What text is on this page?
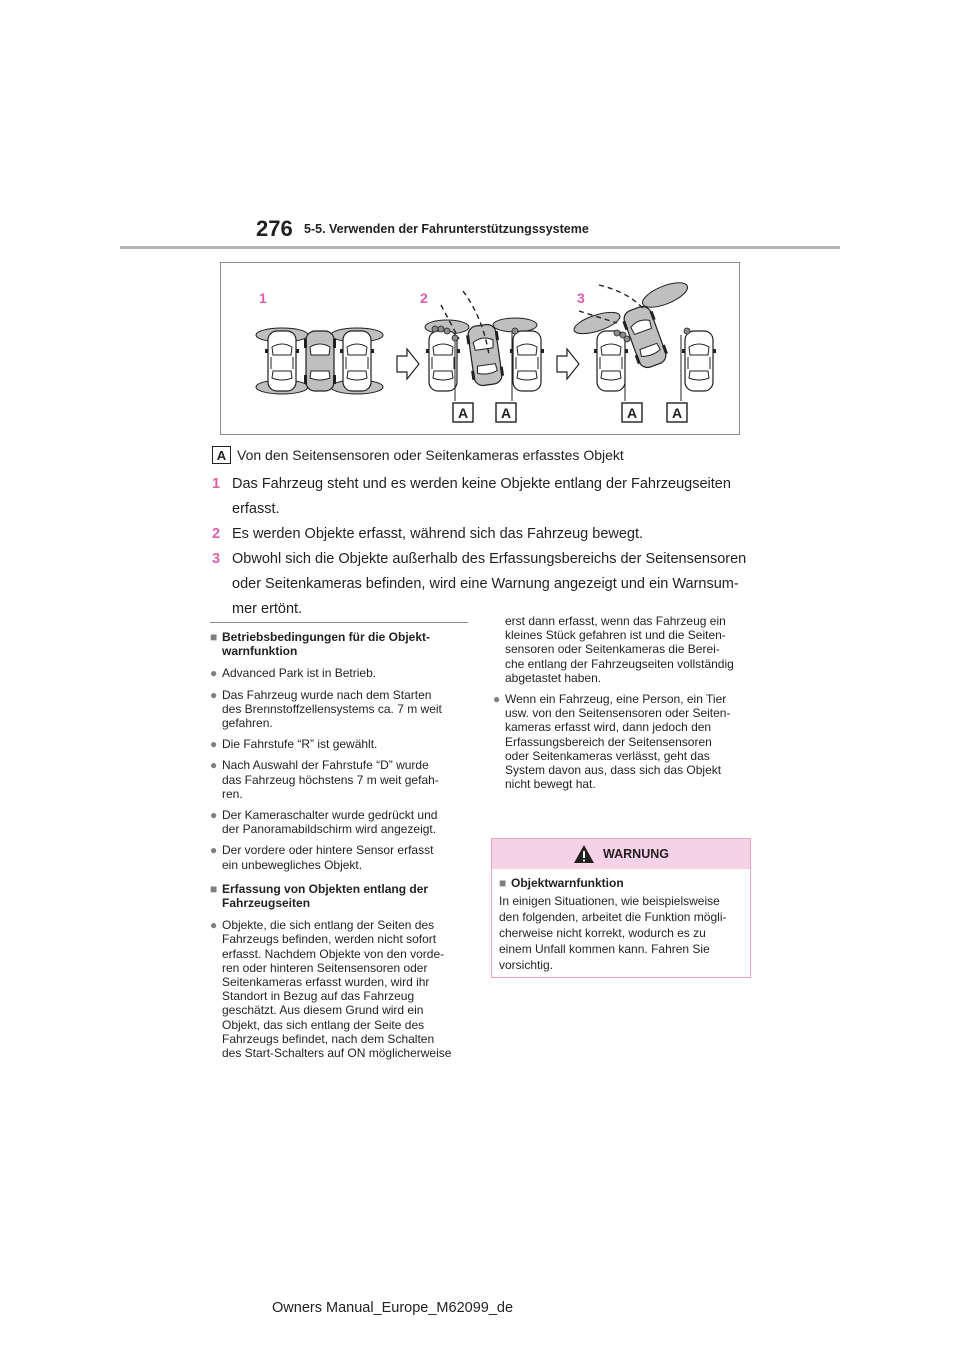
276 5-5. Verwenden der Fahrunterstützungssysteme
1	2	3
A A	A A
A Von den Seitensensoren oder Seitenkameras erfasstes Objekt
1 Das Fahrzeug steht und es werden keine Objekte entlang der Fahrzeugseiten
erfasst.
2 Es werden Objekte erfasst, während sich das Fahrzeug bewegt.
3 Obwohl sich die Objekte außerhalb des Erfassungsbereichs der Seitensensoren
oder Seitenkameras befinden, wird eine Warnung angezeigt und ein Warnsum-
mer ertönt.
■ Betriebsbedingungen für die Objekt-
warnfunktion
● Advanced Park ist in Betrieb.
● Das Fahrzeug wurde nach dem Starten
des Brennstoffzellensystems ca. 7 m weit
gefahren.
● Die Fahrstufe “R” ist gewählt.
● Nach Auswahl der Fahrstufe “D” wurde
das Fahrzeug höchstens 7 m weit gefah-
ren.
● Der Kameraschalter wurde gedrückt und
der Panoramabildschirm wird angezeigt.
● Der vordere oder hintere Sensor erfasst
ein unbewegliches Objekt.
■ Erfassung von Objekten entlang der
Fahrzeugseiten
● Objekte, die sich entlang der Seiten des
Fahrzeugs befinden, werden nicht sofort
erfasst. Nachdem Objekte von den vorde-
ren oder hinteren Seitensensoren oder
Seitenkameras erfasst wurden, wird ihr
Standort in Bezug auf das Fahrzeug
geschätzt. Aus diesem Grund wird ein
Objekt, das sich entlang der Seite des
Fahrzeugs befindet, nach dem Schalten
des Start-Schalters auf ON möglicherweise
erst dann erfasst, wenn das Fahrzeug ein
kleines Stück gefahren ist und die Seiten-
sensoren oder Seitenkameras die Berei-
che entlang der Fahrzeugseiten vollständig
abgetastet haben.
● Wenn ein Fahrzeug, eine Person, ein Tier
usw. von den Seitensensoren oder Seiten-
kameras erfasst wird, dann jedoch den
Erfassungsbereich der Seitensensoren
oder Seitenkameras verlässt, geht das
System davon aus, dass sich das Objekt
nicht bewegt hat.
WARNUNG
■ Objektwarnfunktion
In einigen Situationen, wie beispielsweise
den folgenden, arbeitet die Funktion mögli-
cherweise nicht korrekt, wodurch es zu
einem Unfall kommen kann. Fahren Sie
vorsichtig.
Owners Manual_Europe_M62099_de
